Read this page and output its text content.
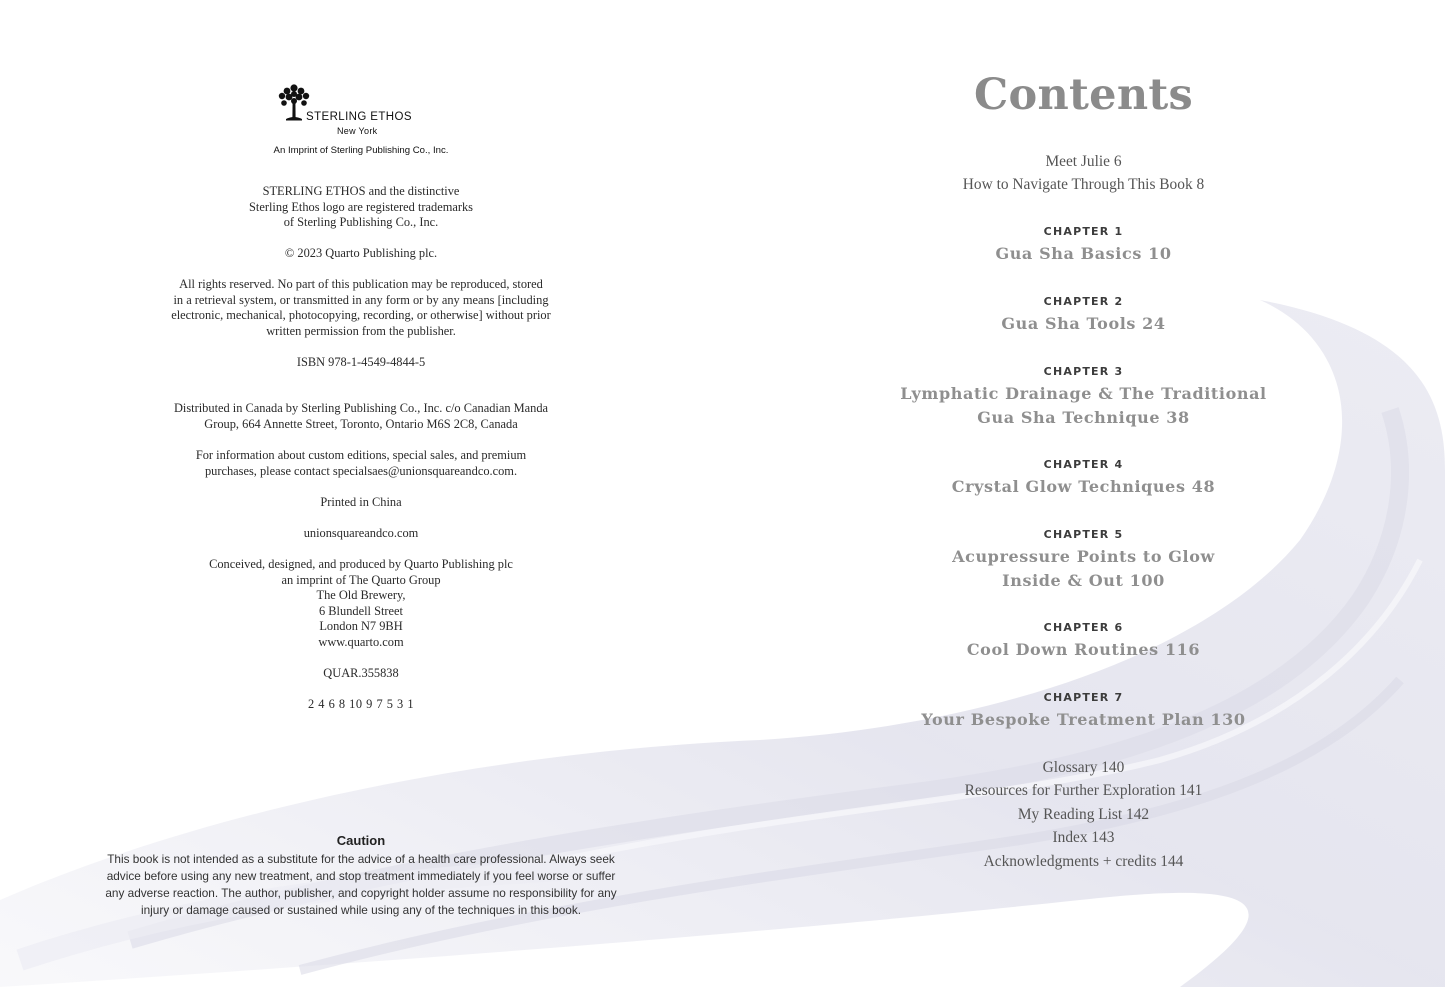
STERLING ETHOS
New York
An Imprint of Sterling Publishing Co., Inc.
STERLING ETHOS and the distinctive
Sterling Ethos logo are registered trademarks
of Sterling Publishing Co., Inc.
© 2023 Quarto Publishing plc.
All rights reserved. No part of this publication may be reproduced, stored
in a retrieval system, or transmitted in any form or by any means [including
electronic, mechanical, photocopying, recording, or otherwise] without prior
written permission from the publisher.
ISBN 978-1-4549-4844-5
Distributed in Canada by Sterling Publishing Co., Inc. c/o Canadian Manda
Group, 664 Annette Street, Toronto, Ontario M6S 2C8, Canada
For information about custom editions, special sales, and premium
purchases, please contact specialsaes@unionsquareandco.com.
Printed in China
unionsquareandco.com
Conceived, designed, and produced by Quarto Publishing plc
an imprint of The Quarto Group
The Old Brewery,
6 Blundell Street
London N7 9BH
www.quarto.com
QUAR.355838
2 4 6 8 10 9 7 5 3 1
Caution
This book is not intended as a substitute for the advice of a health care professional. Always seek
advice before using any new treatment, and stop treatment immediately if you feel worse or suffer
any adverse reaction. The author, publisher, and copyright holder assume no responsibility for any
injury or damage caused or sustained while using any of the techniques in this book.
Contents
Meet Julie 6
How to Navigate Through This Book 8
CHAPTER 1
Gua Sha Basics 10
CHAPTER 2
Gua Sha Tools 24
CHAPTER 3
Lymphatic Drainage & The Traditional
Gua Sha Technique 38
CHAPTER 4
Crystal Glow Techniques 48
CHAPTER 5
Acupressure Points to Glow
Inside & Out 100
CHAPTER 6
Cool Down Routines 116
CHAPTER 7
Your Bespoke Treatment Plan 130
Glossary 140
Resources for Further Exploration 141
My Reading List 142
Index 143
Acknowledgments + credits 144
